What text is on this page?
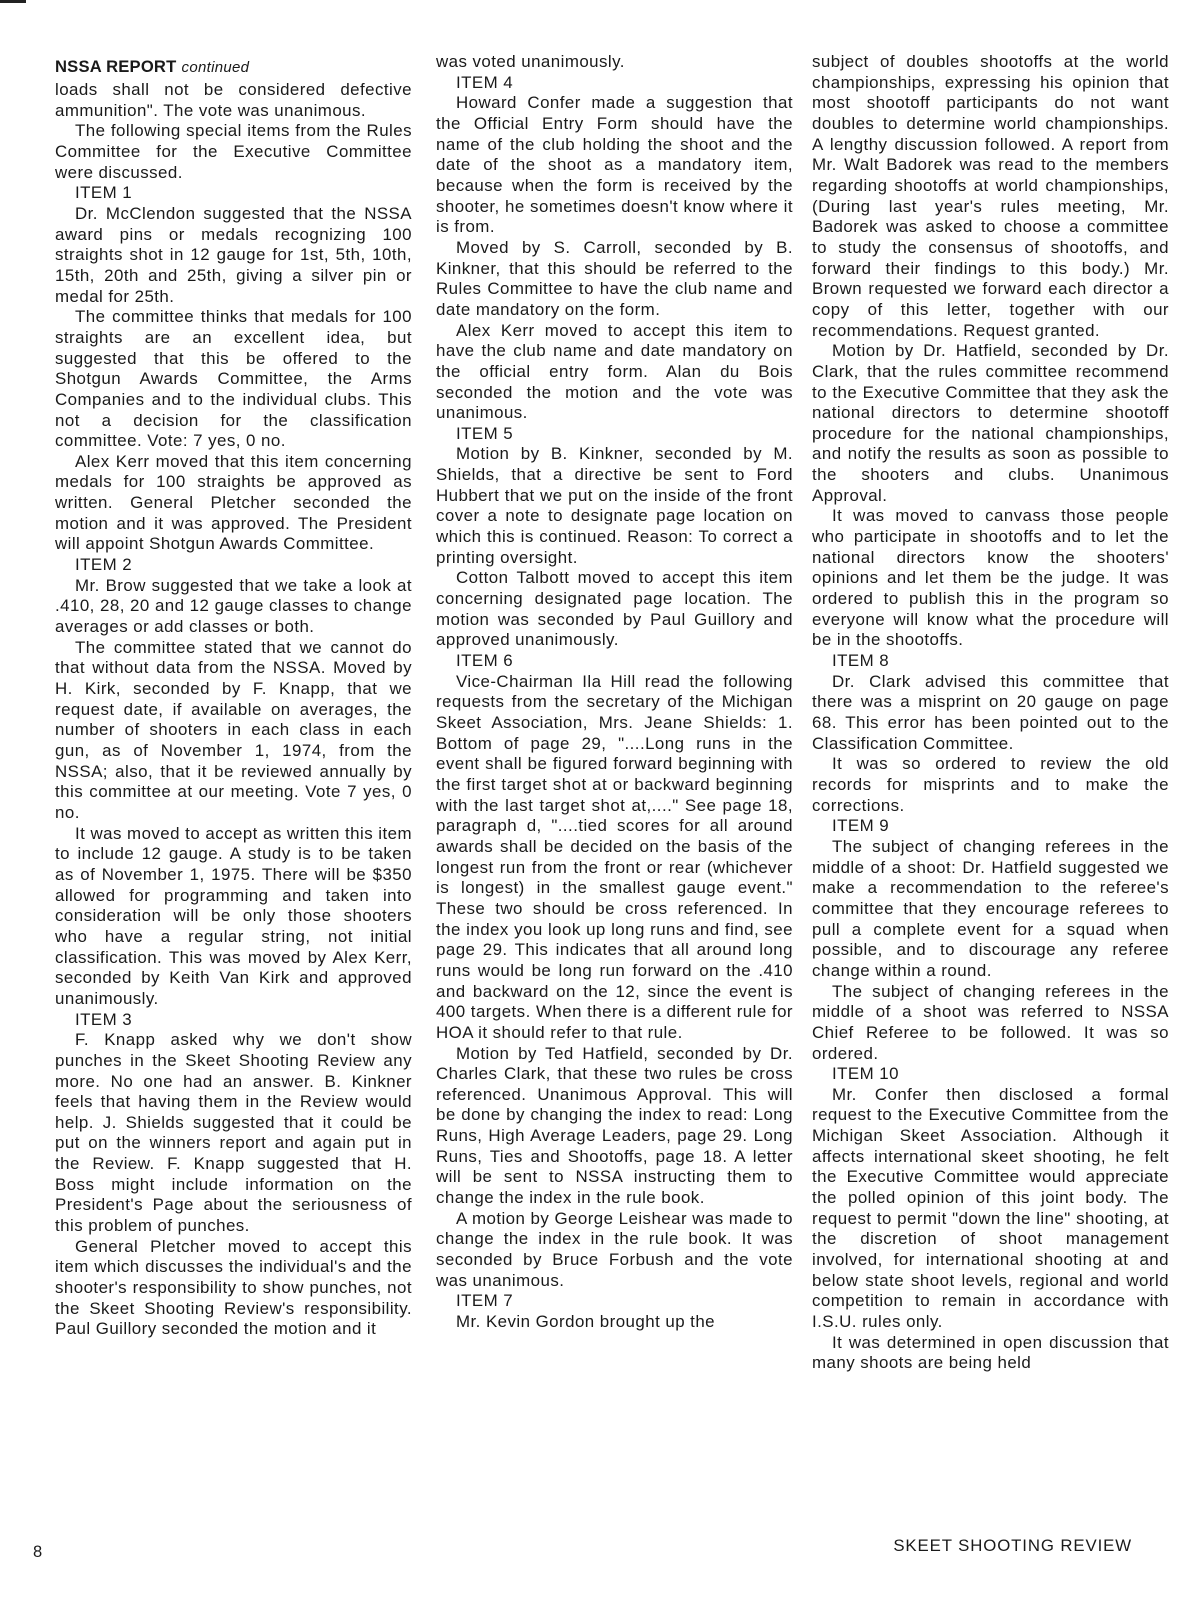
NSSA REPORT continued

loads shall not be considered defective ammunition". The vote was unanimous.

The following special items from the Rules Committee for the Executive Committee were discussed.

ITEM 1

Dr. McClendon suggested that the NSSA award pins or medals recognizing 100 straights shot in 12 gauge for 1st, 5th, 10th, 15th, 20th and 25th, giving a silver pin or medal for 25th.

The committee thinks that medals for 100 straights are an excellent idea, but suggested that this be offered to the Shotgun Awards Committee, the Arms Companies and to the individual clubs. This not a decision for the classification committee. Vote: 7 yes, 0 no.

Alex Kerr moved that this item concerning medals for 100 straights be approved as written. General Pletcher seconded the motion and it was approved. The President will appoint Shotgun Awards Committee.

ITEM 2

Mr. Brow suggested that we take a look at .410, 28, 20 and 12 gauge classes to change averages or add classes or both.

The committee stated that we cannot do that without data from the NSSA. Moved by H. Kirk, seconded by F. Knapp, that we request date, if available on averages, the number of shooters in each class in each gun, as of November 1, 1974, from the NSSA; also, that it be reviewed annually by this committee at our meeting. Vote 7 yes, 0 no.

It was moved to accept as written this item to include 12 gauge. A study is to be taken as of November 1, 1975. There will be $350 allowed for programming and taken into consideration will be only those shooters who have a regular string, not initial classification. This was moved by Alex Kerr, seconded by Keith Van Kirk and approved unanimously.

ITEM 3

F. Knapp asked why we don't show punches in the Skeet Shooting Review any more. No one had an answer. B. Kinkner feels that having them in the Review would help. J. Shields suggested that it could be put on the winners report and again put in the Review. F. Knapp suggested that H. Boss might include information on the President's Page about the seriousness of this problem of punches.

General Pletcher moved to accept this item which discusses the individual's and the shooter's responsibility to show punches, not the Skeet Shooting Review's responsibility. Paul Guillory seconded the motion and it

was voted unanimously.

ITEM 4

Howard Confer made a suggestion that the Official Entry Form should have the name of the club holding the shoot and the date of the shoot as a mandatory item, because when the form is received by the shooter, he sometimes doesn't know where it is from.

Moved by S. Carroll, seconded by B. Kinkner, that this should be referred to the Rules Committee to have the club name and date mandatory on the form.

Alex Kerr moved to accept this item to have the club name and date mandatory on the official entry form. Alan du Bois seconded the motion and the vote was unanimous.

ITEM 5

Motion by B. Kinkner, seconded by M. Shields, that a directive be sent to Ford Hubbert that we put on the inside of the front cover a note to designate page location on which this is continued. Reason: To correct a printing oversight.

Cotton Talbott moved to accept this item concerning designated page location. The motion was seconded by Paul Guillory and approved unanimously.

ITEM 6

Vice-Chairman Ila Hill read the following requests from the secretary of the Michigan Skeet Association, Mrs. Jeane Shields: 1. Bottom of page 29, "....Long runs in the event shall be figured forward beginning with the first target shot at or backward beginning with the last target shot at,...." See page 18, paragraph d, "....tied scores for all around awards shall be decided on the basis of the longest run from the front or rear (whichever is longest) in the smallest gauge event." These two should be cross referenced. In the index you look up long runs and find, see page 29. This indicates that all around long runs would be long run forward on the .410 and backward on the 12, since the event is 400 targets. When there is a different rule for HOA it should refer to that rule.

Motion by Ted Hatfield, seconded by Dr. Charles Clark, that these two rules be cross referenced. Unanimous Approval. This will be done by changing the index to read: Long Runs, High Average Leaders, page 29. Long Runs, Ties and Shootoffs, page 18. A letter will be sent to NSSA instructing them to change the index in the rule book.

A motion by George Leishear was made to change the index in the rule book. It was seconded by Bruce Forbush and the vote was unanimous.

ITEM 7

Mr. Kevin Gordon brought up the

subject of doubles shootoffs at the world championships, expressing his opinion that most shootoff participants do not want doubles to determine world championships. A lengthy discussion followed. A report from Mr. Walt Badorek was read to the members regarding shootoffs at world championships, (During last year's rules meeting, Mr. Badorek was asked to choose a committee to study the consensus of shootoffs, and forward their findings to this body.) Mr. Brown requested we forward each director a copy of this letter, together with our recommendations. Request granted.

Motion by Dr. Hatfield, seconded by Dr. Clark, that the rules committee recommend to the Executive Committee that they ask the national directors to determine shootoff procedure for the national championships, and notify the results as soon as possible to the shooters and clubs. Unanimous Approval.

It was moved to canvass those people who participate in shootoffs and to let the national directors know the shooters' opinions and let them be the judge. It was ordered to publish this in the program so everyone will know what the procedure will be in the shootoffs.

ITEM 8

Dr. Clark advised this committee that there was a misprint on 20 gauge on page 68. This error has been pointed out to the Classification Committee.

It was so ordered to review the old records for misprints and to make the corrections.

ITEM 9

The subject of changing referees in the middle of a shoot: Dr. Hatfield suggested we make a recommendation to the referee's committee that they encourage referees to pull a complete event for a squad when possible, and to discourage any referee change within a round.

The subject of changing referees in the middle of a shoot was referred to NSSA Chief Referee to be followed. It was so ordered.

ITEM 10

Mr. Confer then disclosed a formal request to the Executive Committee from the Michigan Skeet Association. Although it affects international skeet shooting, he felt the Executive Committee would appreciate the polled opinion of this joint body. The request to permit "down the line" shooting, at the discretion of shoot management involved, for international shooting at and below state shoot levels, regional and world competition to remain in accordance with I.S.U. rules only.

It was determined in open discussion that many shoots are being held

8	SKEET SHOOTING REVIEW
